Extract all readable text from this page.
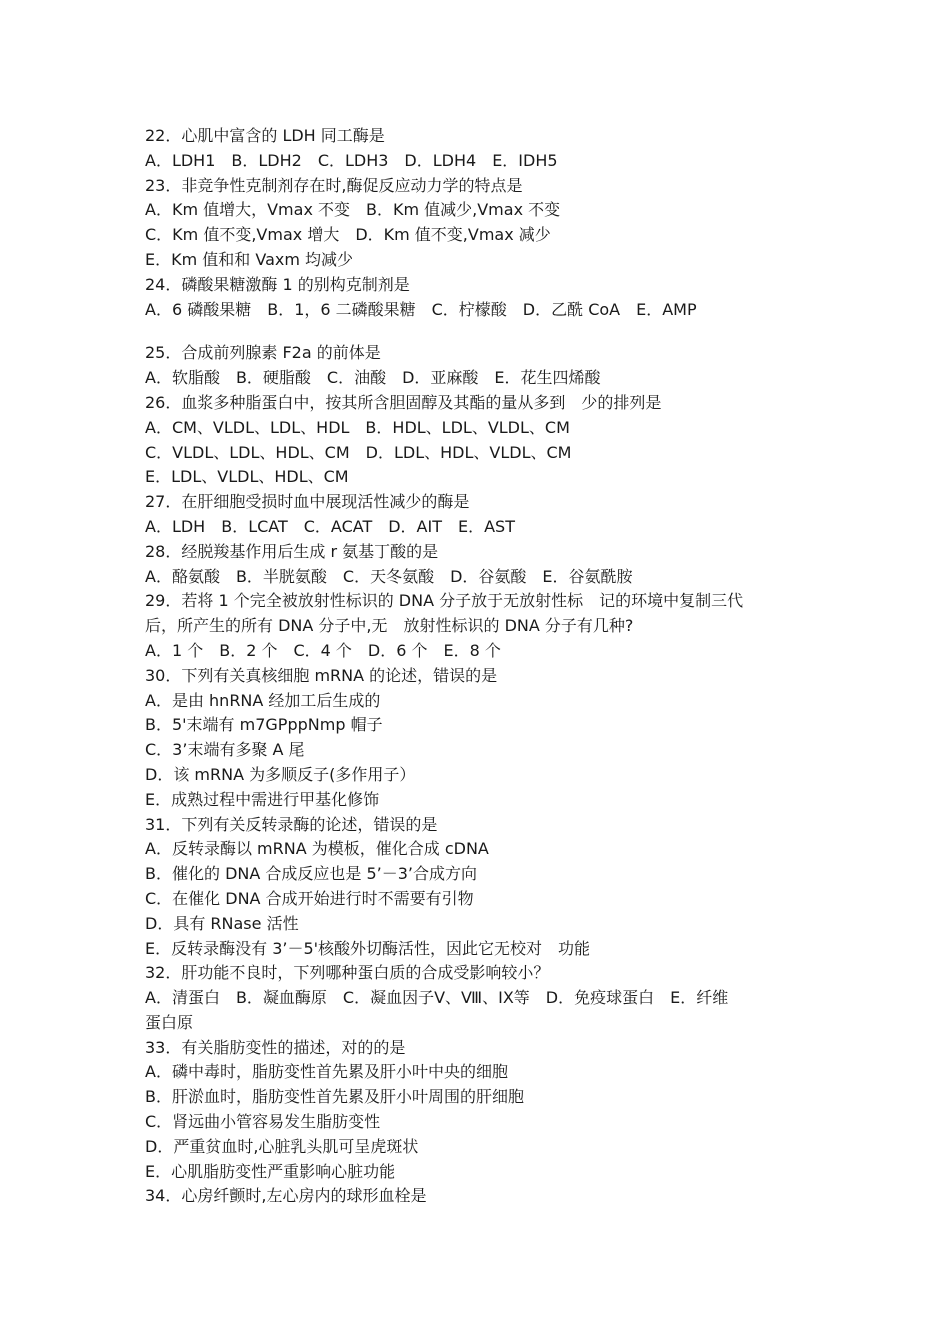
22．心肌中富含的 LDH 同工酶是
A．LDH1　B．LDH2　C．LDH3　D．LDH4　E．IDH5
23．非竞争性克制剂存在时,酶促反应动力学的特点是
A．Km 值增大，Vmax 不变　B．Km 值减少,Vmax 不变
C．Km 值不变,Vmax 增大　D．Km 值不变,Vmax 减少
E．Km 值和和 Vaxm 均减少
24．磷酸果糖激酶 1 的别构克制剂是
A．6 磷酸果糖　B．1，6 二磷酸果糖　C．柠檬酸　D．乙酰 CoA　E．AMP
25．合成前列腺素 F2a 的前体是
A．软脂酸　B．硬脂酸　C．油酸　D．亚麻酸　E．花生四烯酸
26．血浆多种脂蛋白中，按其所含胆固醇及其酯的量从多到　少的排列是
A．CM、VLDL、LDL、HDL　B．HDL、LDL、VLDL、CM
C．VLDL、LDL、HDL、CM　D．LDL、HDL、VLDL、CM
E．LDL、VLDL、HDL、CM
27．在肝细胞受损时血中展现活性减少的酶是
A．LDH　B．LCAT　C．ACAT　D．AIT　E．AST
28．经脱羧基作用后生成 r 氨基丁酸的是
A．酪氨酸　B．半胱氨酸　C．天冬氨酸　D．谷氨酸　E．谷氨酰胺
29．若将 1 个完全被放射性标识的 DNA 分子放于无放射性标　记的环境中复制三代
后，所产生的所有 DNA 分子中,无　放射性标识的 DNA 分子有几种?
A．1 个　B．2 个　C．4 个　D．6 个　E．8 个
30．下列有关真核细胞 mRNA 的论述，错误的是
A．是由 hnRNA 经加工后生成的
B．5'末端有 m7GPppNmp 帽子
C．3’末端有多聚 A 尾
D．该 mRNA 为多顺反子(多作用子）
E．成熟过程中需进行甲基化修饰
31．下列有关反转录酶的论述，错误的是
A．反转录酶以 mRNA 为模板，催化合成 cDNA
B．催化的 DNA 合成反应也是 5’－3’合成方向
C．在催化 DNA 合成开始进行时不需要有引物
D．具有 RNase 活性
E．反转录酶没有 3’－5'核酸外切酶活性，因此它无校对　功能
32．肝功能不良时，下列哪种蛋白质的合成受影响较小？
A．清蛋白　B．凝血酶原　C．凝血因子Ⅴ、Ⅷ、ⅠⅩ等　D．免疫球蛋白　E．纤维
蛋白原
33．有关脂肪变性的描述，对的的是
A．磷中毒时，脂肪变性首先累及肝小叶中央的细胞
B．肝淤血时，脂肪变性首先累及肝小叶周围的肝细胞
C．肾远曲小管容易发生脂肪变性
D．严重贫血时,心脏乳头肌可呈虎斑状
E．心肌脂肪变性严重影响心脏功能
34．心房纤颤时,左心房内的球形血栓是
